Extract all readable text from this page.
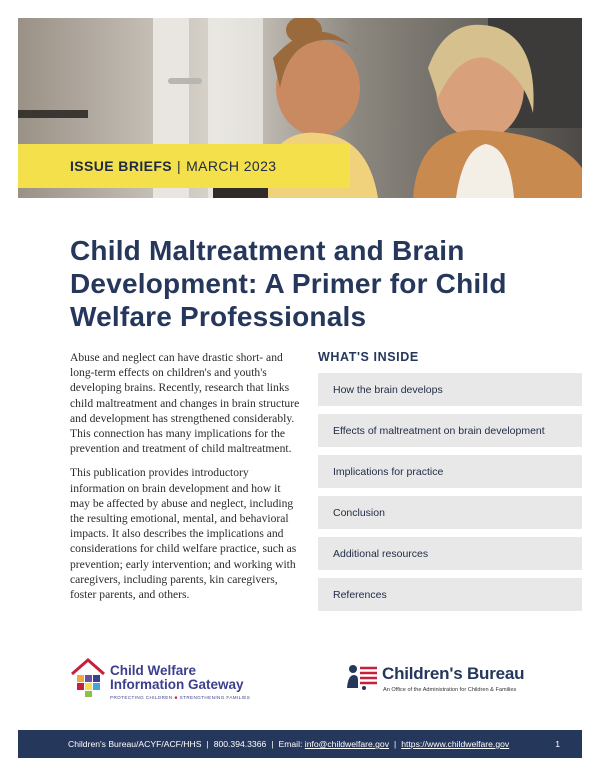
ISSUE BRIEFS | MARCH 2023
Child Maltreatment and Brain Development: A Primer for Child Welfare Professionals

Abuse and neglect can have drastic short- and long-term effects on children's and youth's developing brains. Recently, research that links child maltreatment and changes in brain structure and development has strengthened considerably. This connection has many implications for the prevention and treatment of child maltreatment.

This publication provides introductory information on brain development and how it may be affected by abuse and neglect, including the resulting emotional, mental, and behavioral impacts. It also describes the implications and considerations for child welfare practice, such as prevention; early intervention; and working with caregivers, including parents, kin caregivers, foster parents, and others.

WHAT'S INSIDE
How the brain develops
Effects of maltreatment on brain development
Implications for practice
Conclusion
Additional resources
References
Child Welfare
Information Gateway
PROTECTING CHILDREN ■ STRENGTHENING FAMILIES
Children's Bureau
An Office of the Administration for Children & Families
Children's Bureau/ACYF/ACF/HHS | 800.394.3366 | Email: info@childwelfare.gov | https://www.childwelfare.gov	1
